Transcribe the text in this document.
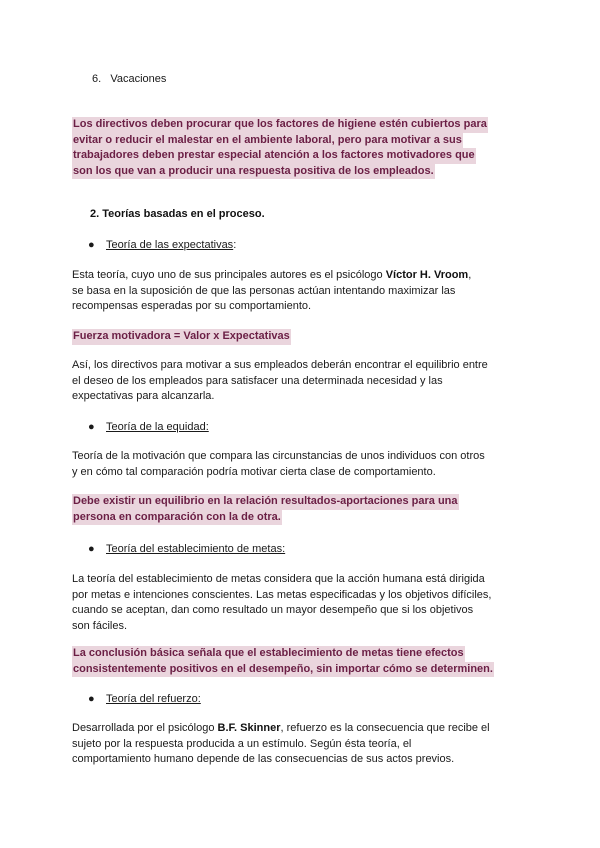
6. Vacaciones
Los directivos deben procurar que los factores de higiene estén cubiertos para
evitar o reducir el malestar en el ambiente laboral, pero para motivar a sus
trabajadores deben prestar especial atención a los factores motivadores que
son los que van a producir una respuesta positiva de los empleados.
2. Teorías basadas en el proceso.
● Teoría de las expectativas:
Esta teoría, cuyo uno de sus principales autores es el psicólogo Víctor H. Vroom,
se basa en la suposición de que las personas actúan intentando maximizar las
recompensas esperadas por su comportamiento.
Fuerza motivadora = Valor x Expectativas
Así, los directivos para motivar a sus empleados deberán encontrar el equilibrio entre
el deseo de los empleados para satisfacer una determinada necesidad y las
expectativas para alcanzarla.
● Teoría de la equidad:
Teoría de la motivación que compara las circunstancias de unos individuos con otros
y en cómo tal comparación podría motivar cierta clase de comportamiento.
Debe existir un equilibrio en la relación resultados-aportaciones para una
persona en comparación con la de otra.
● Teoría del establecimiento de metas:
La teoría del establecimiento de metas considera que la acción humana está dirigida
por metas e intenciones conscientes. Las metas especificadas y los objetivos difíciles,
cuando se aceptan, dan como resultado un mayor desempeño que si los objetivos
son fáciles.
La conclusión básica señala que el establecimiento de metas tiene efectos
consistentemente positivos en el desempeño, sin importar cómo se determinen.
● Teoría del refuerzo:
Desarrollada por el psicólogo B.F. Skinner, refuerzo es la consecuencia que recibe el
sujeto por la respuesta producida a un estímulo. Según ésta teoría, el
comportamiento humano depende de las consecuencias de sus actos previos.
